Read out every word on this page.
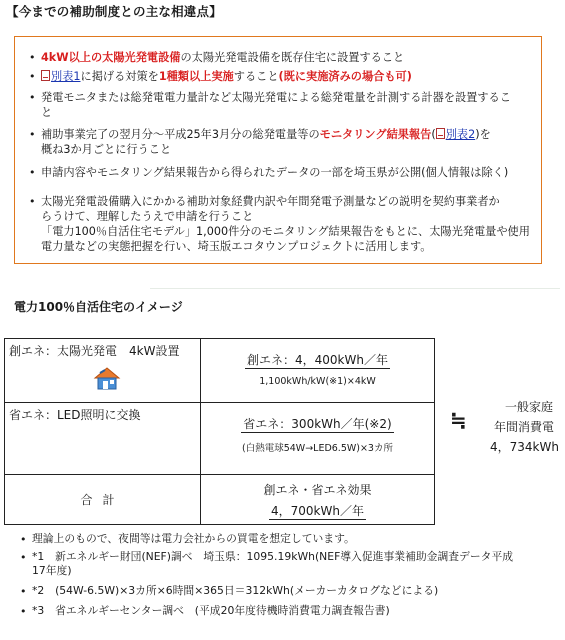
【今までの補助制度との主な相違点】
• 4kW以上の太陽光発電設備の太陽光発電設備を既存住宅に設置すること
•	別表1に掲げる対策を1種類以上実施すること(既に実施済みの場合も可)
• 発電モニタまたは総発電電力量計など太陽光発電による総発電量を計測する計器を設置するこ
と
• 補助事業完了の翌月分～平成25年3月分の総発電量等のモニタリング結果報告( 別表2)を
概ね3か月ごとに行うこと
• 申請内容やモニタリング結果報告から得られたデータの一部を埼玉県が公開(個人情報は除く)
• 太陽光発電設備購入にかかる補助対象経費内訳や年間発電予測量などの説明を契約事業者か
らうけて、理解したうえで申請を行うこと
「電力100％自活住宅モデル」1,000件分のモニタリング結果報告をもとに、太陽光発電量や使用
電力量などの実態把握を行い、埼玉版エコタウンプロジェクトに活用します。
電力100％自活住宅のイメージ
創エネ：太陽光発電　4kW設置	創エネ：4，400kWh／年
1,100kWh/kW(※1)×4kW

省エネ：LED照明に交換	省エネ：300kWh／年(※2)
(白熱電球54W→LED6.5W)×3カ所

合計	創エネ・省エネ効果
4，700kWh／年
≒
一般家庭
年間消費電
4，734kWh
• 理論上のもので、夜間等は電力会社からの買電を想定しています。
• *1　新エネルギー財団(NEF)調べ　埼玉県：1095.19kWh(NEF導入促進事業補助金調査データ平成
17年度)
• *2　(54W-6.5W)×3カ所×6時間×365日＝312kWh(メーカーカタログなどによる)
• *3　省エネルギーセンター調べ　(平成20年度待機時消費電力調査報告書)
